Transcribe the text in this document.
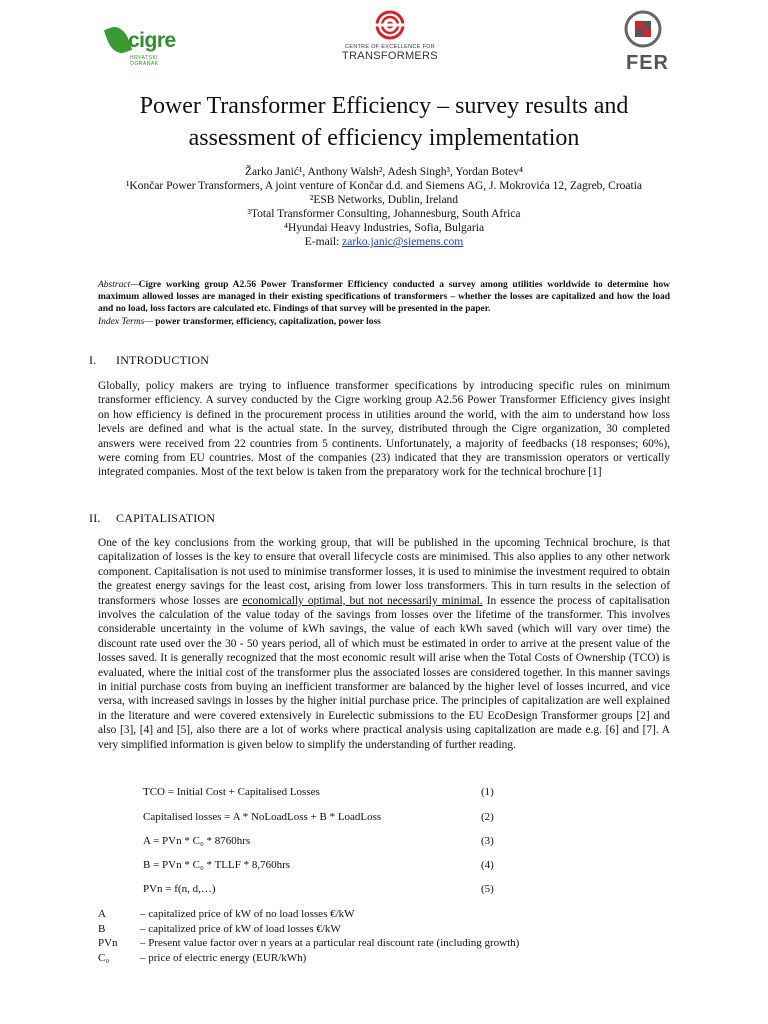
cigre
HRVATSKI OGRANAK
CENTRE OF EXCELLENCE FOR
TRANSFORMERS	FER
Power Transformer Efficiency – survey results and
assessment of efficiency implementation
Žarko Janić¹, Anthony Walsh², Adesh Singh³, Yordan Botev⁴
¹Končar Power Transformers, A joint venture of Končar d.d. and Siemens AG, J. Mokrovića 12, Zagreb, Croatia
²ESB Networks, Dublin, Ireland
³Total Transformer Consulting, Johannesburg, South Africa
⁴Hyundai Heavy Industries, Sofia, Bulgaria
E-mail: zarko.janic@siemens.com
Abstract—Cigre working group A2.56 Power Transformer Efficiency conducted a survey among utilities worldwide to determine how maximum allowed losses are managed in their existing specifications of transformers – whether the losses are capitalized and how the load and no load, loss factors are calculated etc. Findings of that survey will be presented in the paper.
Index Terms— power transformer, efficiency, capitalization, power loss
I. INTRODUCTION
Globally, policy makers are trying to influence transformer specifications by introducing specific rules on minimum transformer efficiency. A survey conducted by the Cigre working group A2.56 Power Transformer Efficiency gives insight on how efficiency is defined in the procurement process in utilities around the world, with the aim to understand how loss levels are defined and what is the actual state. In the survey, distributed through the Cigre organization, 30 completed answers were received from 22 countries from 5 continents. Unfortunately, a majority of feedbacks (18 responses; 60%), were coming from EU countries. Most of the companies (23) indicated that they are transmission operators or vertically integrated companies. Most of the text below is taken from the preparatory work for the technical brochure [1]
II. CAPITALISATION
One of the key conclusions from the working group, that will be published in the upcoming Technical brochure, is that capitalization of losses is the key to ensure that overall lifecycle costs are minimised. This also applies to any other network component. Capitalisation is not used to minimise transformer losses, it is used to minimise the investment required to obtain the greatest energy savings for the least cost, arising from lower loss transformers. This in turn results in the selection of transformers whose losses are economically optimal, but not necessarily minimal. In essence the process of capitalisation involves the calculation of the value today of the savings from losses over the lifetime of the transformer. This involves considerable uncertainty in the volume of kWh savings, the value of each kWh saved (which will vary over time) the discount rate used over the 30 - 50 years period, all of which must be estimated in order to arrive at the present value of the losses saved. It is generally recognized that the most economic result will arise when the Total Costs of Ownership (TCO) is evaluated, where the initial cost of the transformer plus the associated losses are considered together. In this manner savings in initial purchase costs from buying an inefficient transformer are balanced by the higher level of losses incurred, and vice versa, with increased savings in losses by the higher initial purchase price. The principles of capitalization are well explained in the literature and were covered extensively in Eurelectic submissions to the EU EcoDesign Transformer groups [2] and also [3], [4] and [5], also there are a lot of works where practical analysis using capitalization are made e.g. [6] and [7]. A very simplified information is given below to simplify the understanding of further reading.
TCO = Initial Cost + Capitalised Losses	(1)
Capitalised losses = A * NoLoadLoss + B * LoadLoss	(2)
A = PVn * C₀ * 8760hrs	(3)
B = PVn * C₀ * TLLF * 8,760hrs	(4)
PVn = f(n, d,…)	(5)
A	– capitalized price of kW of no load losses €/kW
B	– capitalized price of kW of load losses €/kW
PVn	– Present value factor over n years at a particular real discount rate (including growth)
C₀	– price of electric energy (EUR/kWh)
